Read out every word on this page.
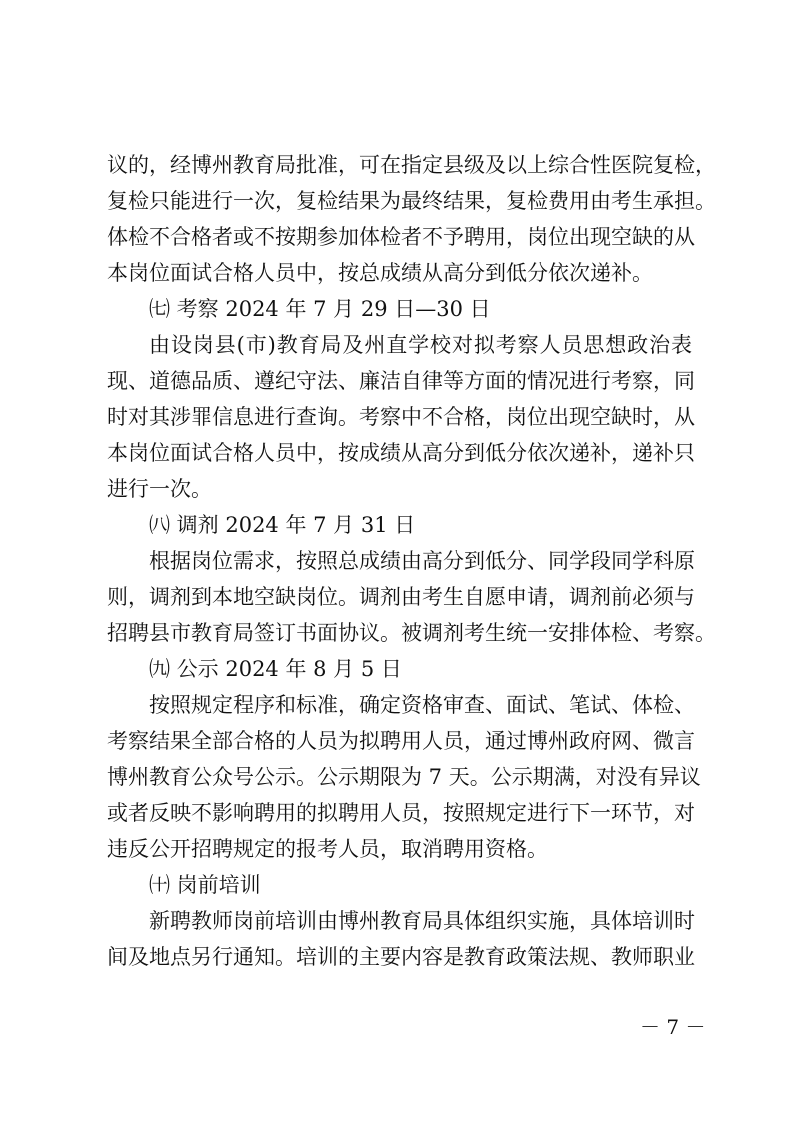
议的，经博州教育局批准，可在指定县级及以上综合性医院复检，
复检只能进行一次，复检结果为最终结果，复检费用由考生承担。
体检不合格者或不按期参加体检者不予聘用，岗位出现空缺的从
本岗位面试合格人员中，按总成绩从高分到低分依次递补。
㈦ 考察 2024 年 7 月 29 日—30 日
由设岗县(市)教育局及州直学校对拟考察人员思想政治表
现、道德品质、遵纪守法、廉洁自律等方面的情况进行考察，同
时对其涉罪信息进行查询。考察中不合格，岗位出现空缺时，从
本岗位面试合格人员中，按成绩从高分到低分依次递补，递补只
进行一次。
㈧ 调剂 2024 年 7 月 31 日
根据岗位需求，按照总成绩由高分到低分、同学段同学科原
则，调剂到本地空缺岗位。调剂由考生自愿申请，调剂前必须与
招聘县市教育局签订书面协议。被调剂考生统一安排体检、考察。
㈨ 公示 2024 年 8 月 5 日
按照规定程序和标准，确定资格审查、面试、笔试、体检、
考察结果全部合格的人员为拟聘用人员，通过博州政府网、微言
博州教育公众号公示。公示期限为 7 天。公示期满，对没有异议
或者反映不影响聘用的拟聘用人员，按照规定进行下一环节，对
违反公开招聘规定的报考人员，取消聘用资格。
㈩ 岗前培训
新聘教师岗前培训由博州教育局具体组织实施，具体培训时
间及地点另行通知。培训的主要内容是教育政策法规、教师职业
－ 7 －
